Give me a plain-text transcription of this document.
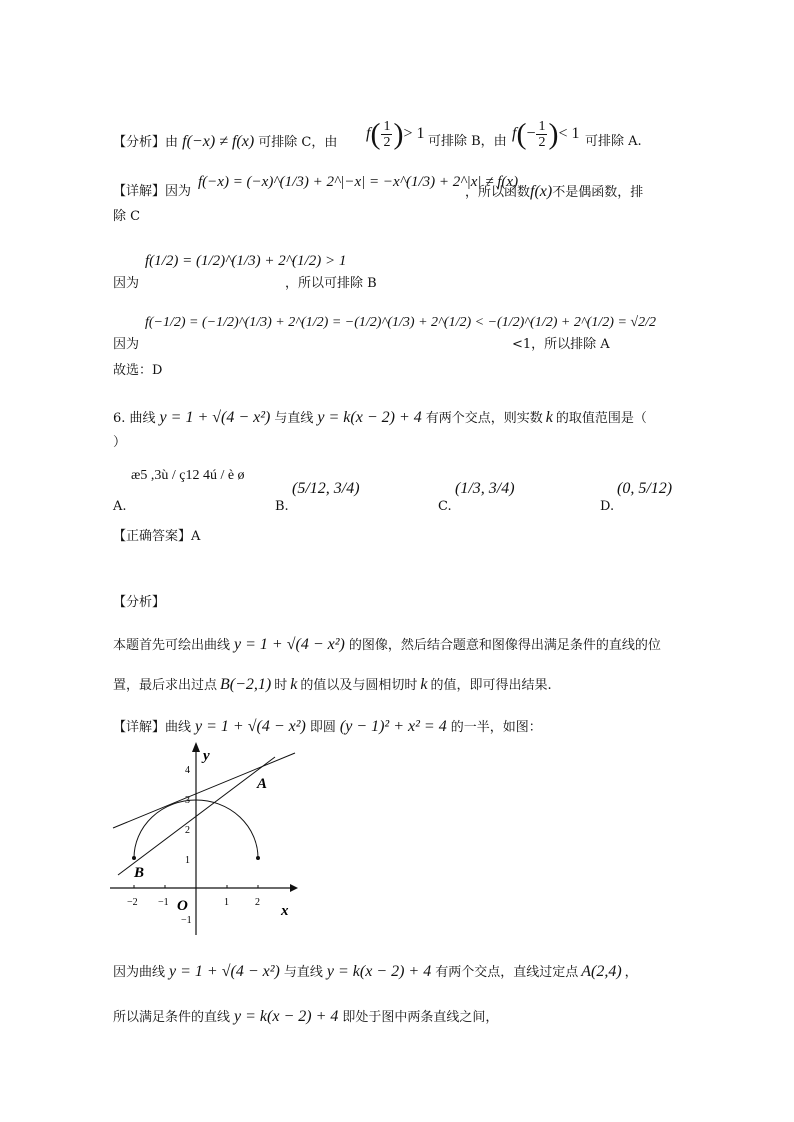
【分析】由 f(−x) ≠ f(x) 可排除 C，由
$f( \frac{1}{2}$ )> 1 可排除 B，由 $f(- \frac{1}{2}$ )< 1 可排除 A.
【详解】因为
f(−x) = (−x)^(1/3) + 2^|−x| = −x^(1/3) + 2^|x| ≠ f(x)
，所以函数f(x)不是偶函数，排
除 C
因为
f(1/2) = (1/2)^(1/3) + 2^(1/2) > 1
，所以可排除 B
因为
f(−1/2) = (−1/2)^(1/3) + 2^(1/2) = −(1/2)^(1/3) + 2^(1/2) < −(1/2)^(1/2) + 2^(1/2) = √2/2
<1，所以排除 A
故选：D
6. 曲线 y = 1 + √(4 − x²) 与直线 y = k(x − 2) + 4 有两个交点，则实数 k 的取值范围是（
）
A.
æ5 ,3ù / ç12 4ú / è ø
B.
(5/12, 3/4)
C.
(1/3, 3/4)
D.
(0, 5/12)
【正确答案】A
【分析】
本题首先可绘出曲线 y = 1 + √(4 − x²) 的图像，然后结合题意和图像得出满足条件的直线的位
置，最后求出过点 B(−2,1) 时 k 的值以及与圆相切时 k 的值，即可得出结果.
【详解】曲线 y = 1 + √(4 − x²) 即圆 (y − 1)² + x² = 4 的一半，如图：
−2 −1	1	2
4
3
2
1
−1
y
x
O
A
B
因为曲线 y = 1 + √(4 − x²) 与直线 y = k(x − 2) + 4 有两个交点，直线过定点 A(2,4) ，
所以满足条件的直线 y = k(x − 2) + 4 即处于图中两条直线之间，
